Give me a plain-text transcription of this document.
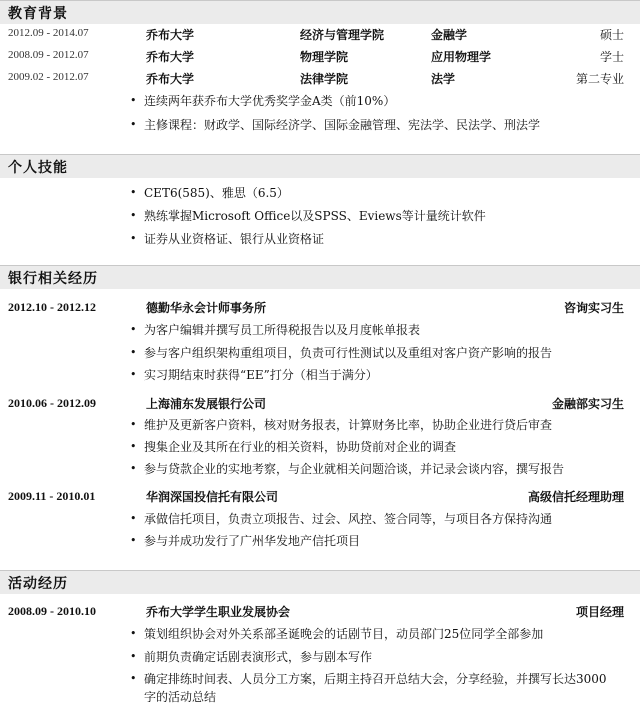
教育背景
2012.09 - 2014.07	乔布大学	经济与管理学院	金融学	硕士
2008.09 - 2012.07	乔布大学	物理学院	应用物理学	学士
2009.02 - 2012.07	乔布大学	法律学院	法学	第二专业
• 连续两年获乔布大学优秀奖学金A类（前10%）
• 主修课程：财政学、国际经济学、国际金融管理、宪法学、民法学、刑法学
个人技能
• CET6(585)、雅思（6.5）
• 熟练掌握Microsoft Office以及SPSS、Eviews等计量统计软件
• 证券从业资格证、银行从业资格证
银行相关经历
2012.10 - 2012.12	德勤华永会计师事务所	咨询实习生
• 为客户编辑并撰写员工所得税报告以及月度帐单报表
• 参与客户组织架构重组项目，负责可行性测试以及重组对客户资产影响的报告
• 实习期结束时获得“EE”打分（相当于满分）
2010.06 - 2012.09	上海浦东发展银行公司	金融部实习生
• 维护及更新客户资料，核对财务报表，计算财务比率，协助企业进行贷后审查
• 搜集企业及其所在行业的相关资料，协助贷前对企业的调查
• 参与贷款企业的实地考察，与企业就相关问题洽谈，并记录会谈内容，撰写报告
2009.11 - 2010.01	华润深国投信托有限公司	高级信托经理助理
• 承做信托项目，负责立项报告、过会、风控、签合同等，与项目各方保持沟通
• 参与并成功发行了广州华发地产信托项目
活动经历
2008.09 - 2010.10	乔布大学学生职业发展协会	项目经理
• 策划组织协会对外关系部圣诞晚会的话剧节目，动员部门25位同学全部参加
• 前期负责确定话剧表演形式，参与剧本写作
• 确定排练时间表、人员分工方案，后期主持召开总结大会，分享经验，并撰写长达3000字的活动总结
